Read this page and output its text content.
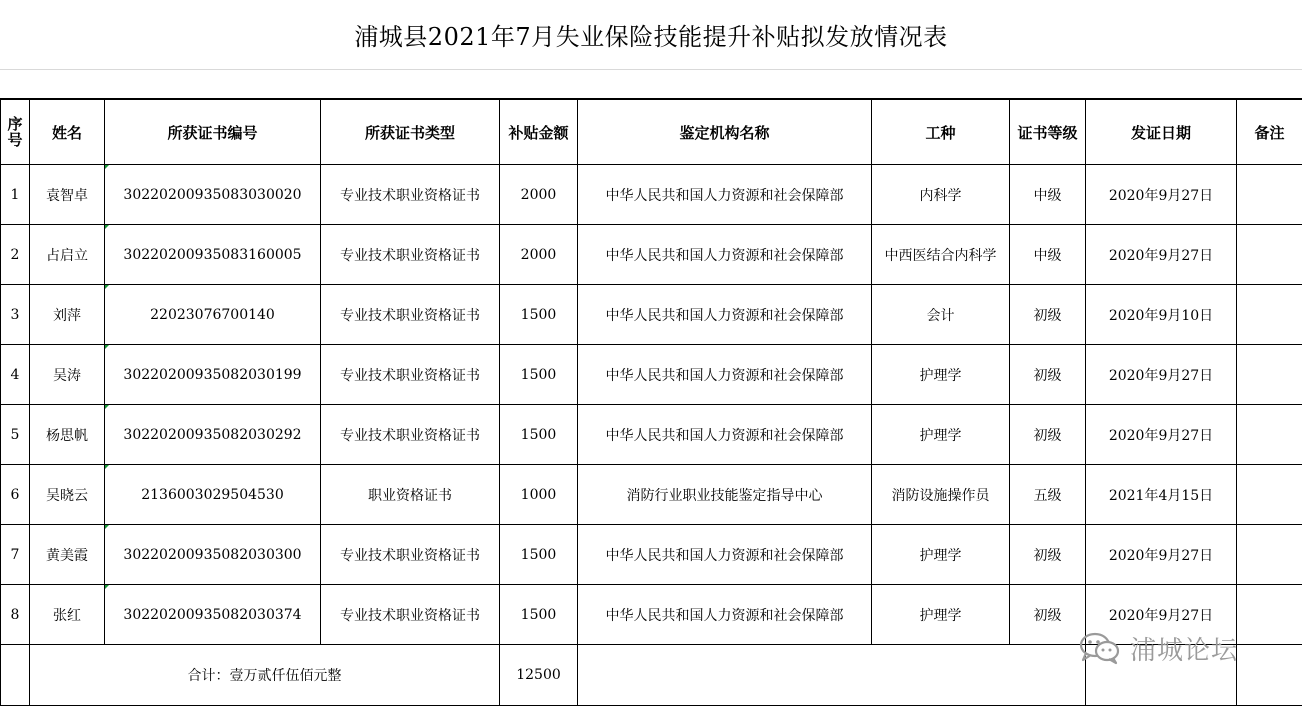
浦城县2021年7月失业保险技能提升补贴拟发放情况表
序号	姓名	所获证书编号	所获证书类型	补贴金额	鉴定机构名称	工种	证书等级	发证日期	备注
1	袁智卓	30220200935083030020	专业技术职业资格证书	2000	中华人民共和国人力资源和社会保障部	内科学	中级	2020年9月27日	
2	占启立	30220200935083160005	专业技术职业资格证书	2000	中华人民共和国人力资源和社会保障部	中西医结合内科学	中级	2020年9月27日	
3	刘萍	22023076700140	专业技术职业资格证书	1500	中华人民共和国人力资源和社会保障部	会计	初级	2020年9月10日	
4	吴涛	30220200935082030199	专业技术职业资格证书	1500	中华人民共和国人力资源和社会保障部	护理学	初级	2020年9月27日	
5	杨思帆	30220200935082030292	专业技术职业资格证书	1500	中华人民共和国人力资源和社会保障部	护理学	初级	2020年9月27日	
6	吴晓云	2136003029504530	职业资格证书	1000	消防行业职业技能鉴定指导中心	消防设施操作员	五级	2021年4月15日	
7	黄美霞	30220200935082030300	专业技术职业资格证书	1500	中华人民共和国人力资源和社会保障部	护理学	初级	2020年9月27日	
8	张红	30220200935082030374	专业技术职业资格证书	1500	中华人民共和国人力资源和社会保障部	护理学	初级	2020年9月27日	
	合计：壹万贰仟伍佰元整			12500					
浦城论坛
